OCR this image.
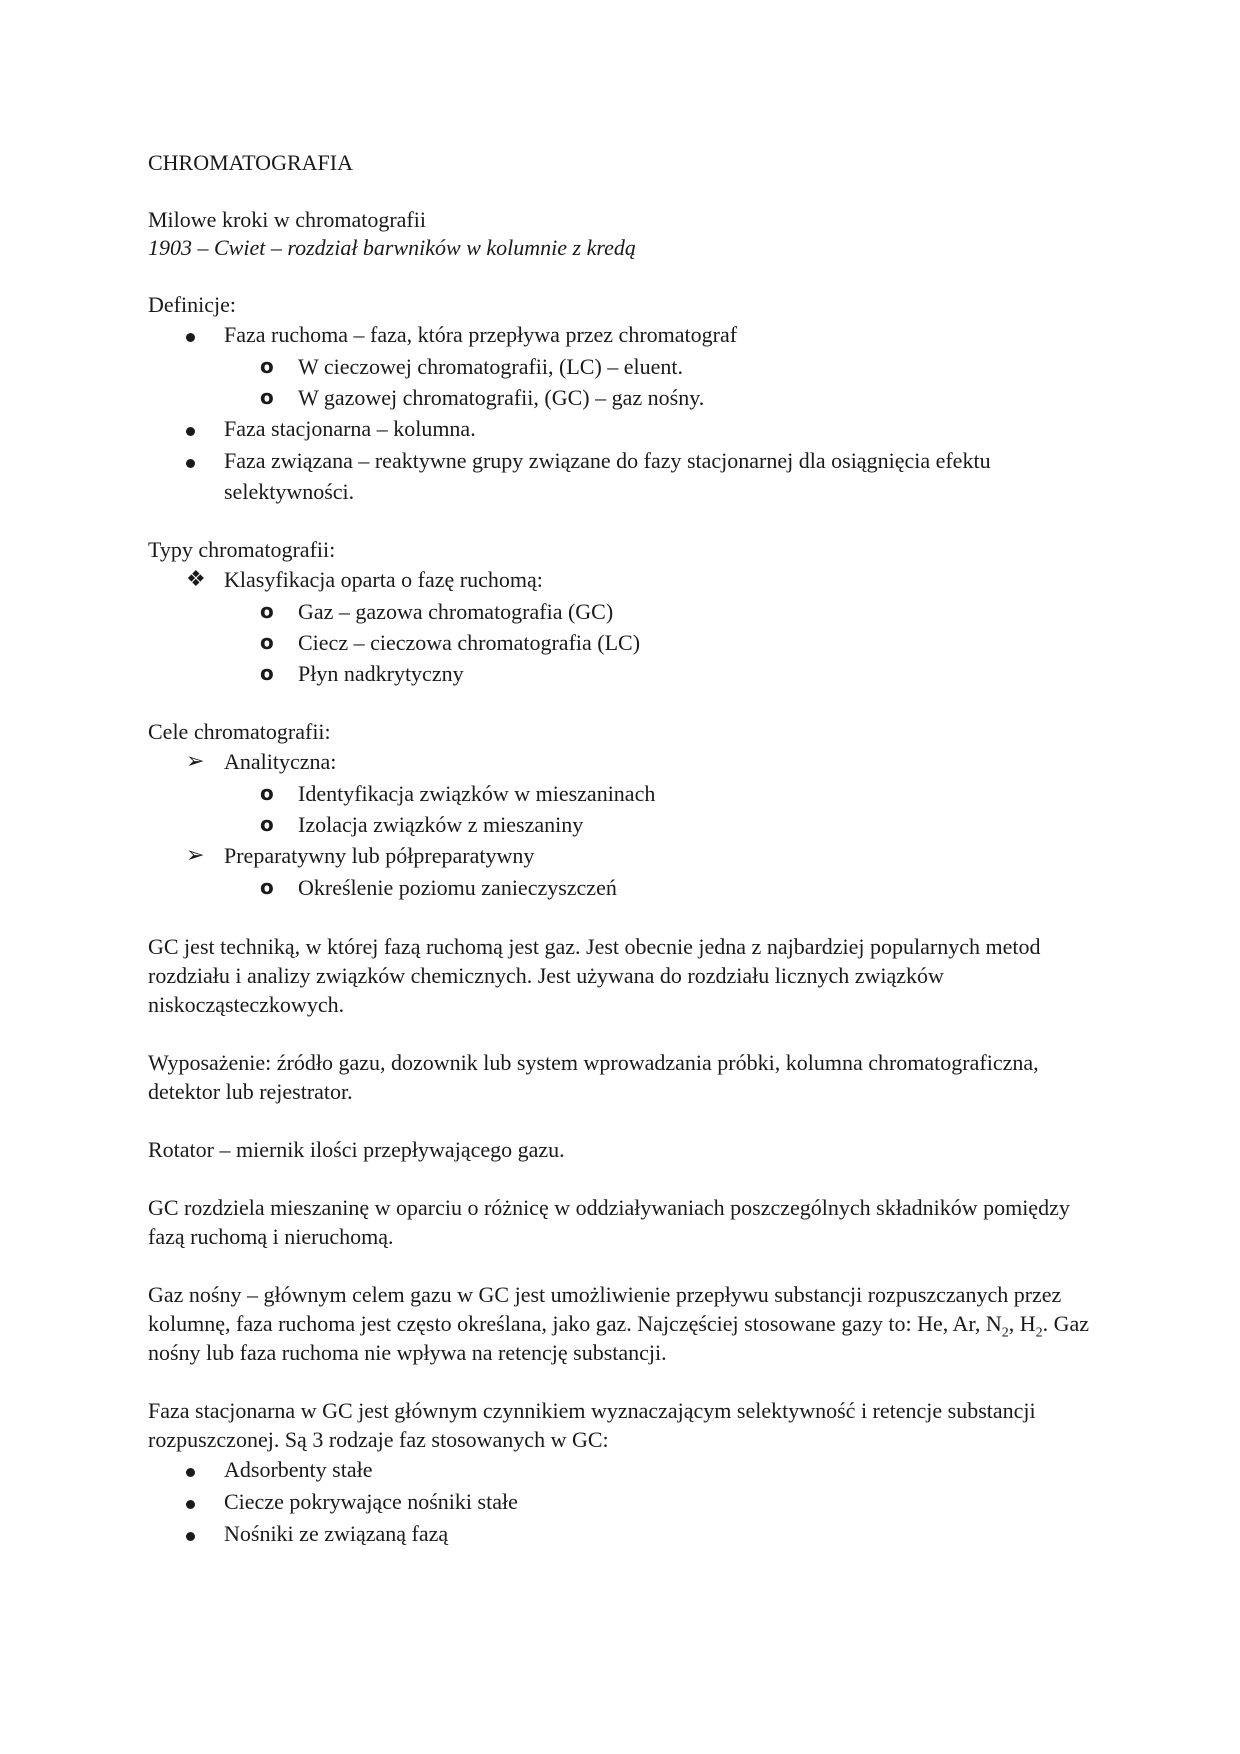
CHROMATOGRAFIA

Milowe kroki w chromatografii

1903 – Cwiet – rozdział barwników w kolumnie z kredą

Definicje:

Faza ruchoma – faza, która przepływa przez chromatograf
o	W cieczowej chromatografii, (LC) – eluent.
o	W gazowej chromatografii, (GC) – gaz nośny.
Faza stacjonarna – kolumna.
Faza związana – reaktywne grupy związane do fazy stacjonarnej dla osiągnięcia efektu selektywności.

Typy chromatografii:

❖ Klasyfikacja oparta o fazę ruchomą:
o	Gaz – gazowa chromatografia (GC)
o	Ciecz – cieczowa chromatografia (LC)
o	Płyn nadkrytyczny

Cele chromatografii:

➢ Analityczna:
o	Identyfikacja związków w mieszaninach
o	Izolacja związków z mieszaniny
➢ Preparatywny lub półpreparatywny
o	Określenie poziomu zanieczyszczeń

GC jest techniką, w której fazą ruchomą jest gaz. Jest obecnie jedna z najbardziej popularnych metod rozdziału i analizy związków chemicznych. Jest używana do rozdziału licznych związków niskocząsteczkowych.

Wyposażenie: źródło gazu, dozownik lub system wprowadzania próbki, kolumna chromatograficzna, detektor lub rejestrator.

Rotator – miernik ilości przepływającego gazu.

GC rozdziela mieszaninę w oparciu o różnicę w oddziaływaniach poszczególnych składników pomiędzy fazą ruchomą i nieruchomą.

Gaz nośny – głównym celem gazu w GC jest umożliwienie przepływu substancji rozpuszczanych przez kolumnę, faza ruchoma jest często określana, jako gaz. Najczęściej stosowane gazy to: He, Ar, $N_2$, $H_2$. Gaz nośny lub faza ruchoma nie wpływa na retencję substancji.

Faza stacjonarna w GC jest głównym czynnikiem wyznaczającym selektywność i retencje substancji rozpuszczonej. Są 3 rodzaje faz stosowanych w GC:

Adsorbenty stałe
Ciecze pokrywające nośniki stałe
Nośniki ze związaną fazą
